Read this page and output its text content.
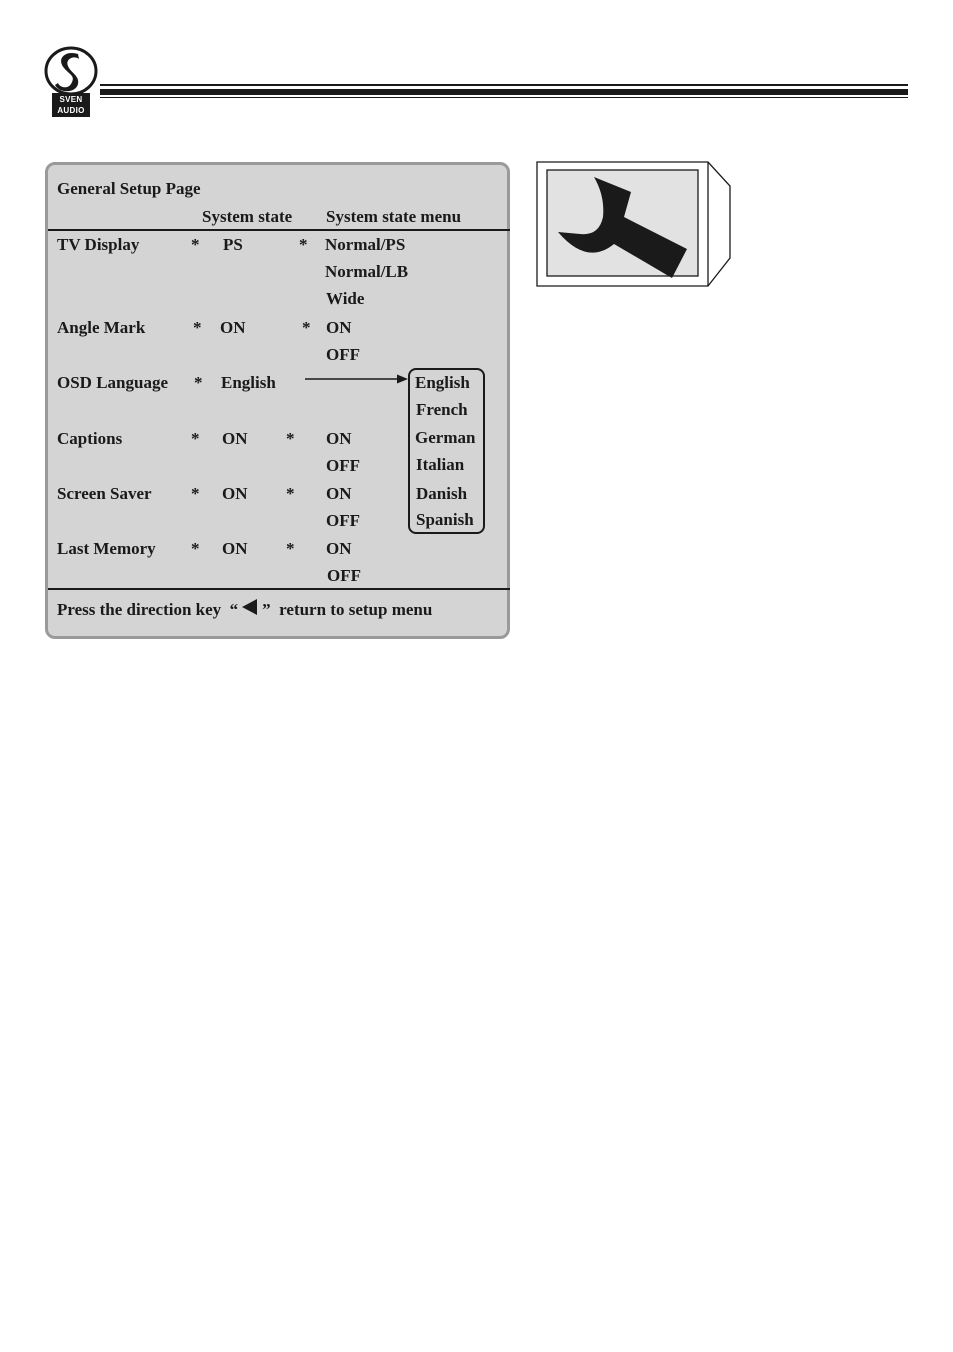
SVEN
AUDIO
General Setup Page
System state System state menu
TV Display	* PS	* Normal/PS
Normal/LB
Wide
Angle Mark	* ON	* ON
OFF
OSD Language * English
Captions	* ON * ON
OFF
Screen Saver * ON * ON
OFF
Last Memory * ON * ON
OFF
English
French
German
Italian
Danish
Spanish
Press the direction key  “ ”  return to setup menu
